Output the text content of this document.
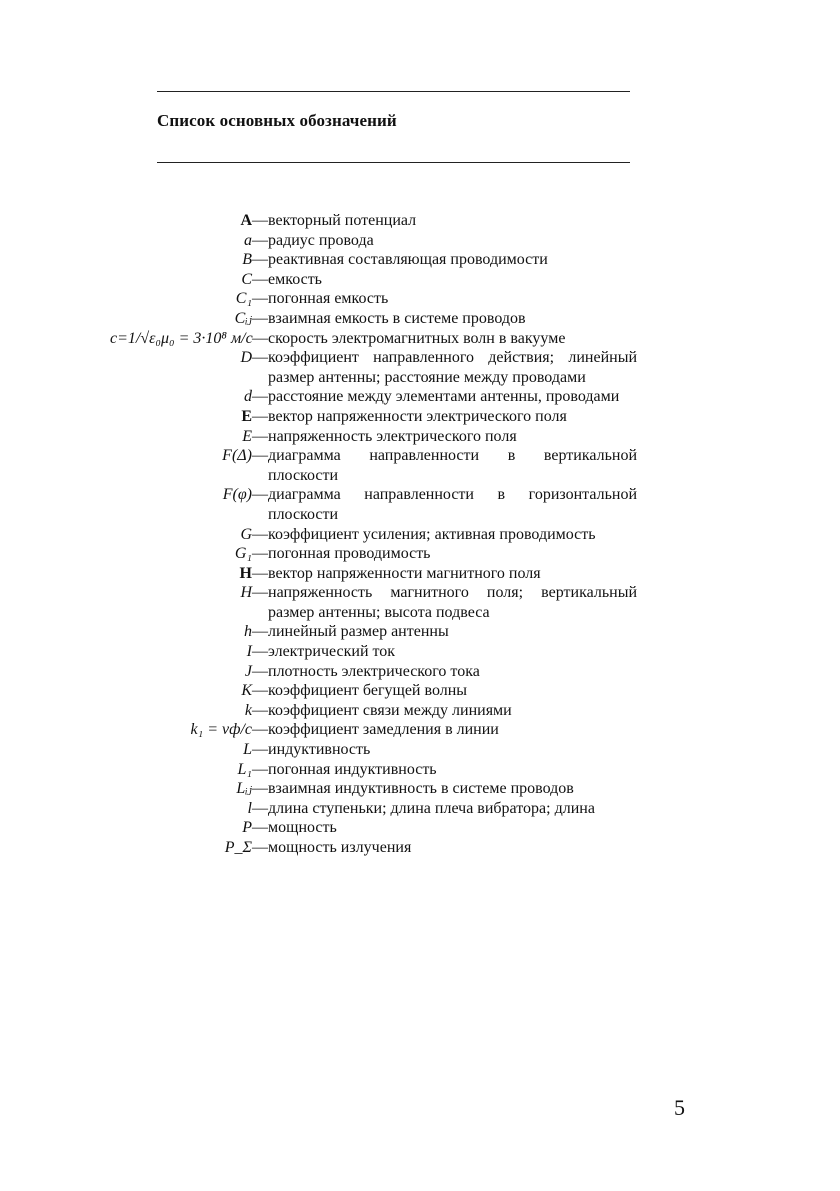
Список основных обозначений
A — векторный потенциал
a — радиус провода
B — реактивная составляющая проводимости
C — емкость
C₁ — погонная емкость
Cᵢⱼ — взаимная емкость в системе проводов
c=1/√ε₀μ₀ = 3·10⁸ м/с — скорость электромагнитных волн в вакууме
D — коэффициент направленного действия; линейный размер антенны; расстояние между проводами
d — расстояние между элементами антенны, проводами
E — вектор напряженности электрического поля
E — напряженность электрического поля
F(Δ) — диаграмма направленности в вертикальной плоскости
F(φ) — диаграмма направленности в горизонтальной плоскости
G — коэффициент усиления; активная проводимость
G₁ — погонная проводимость
H — вектор напряженности магнитного поля
H — напряженность магнитного поля; вертикальный размер антенны; высота подвеса
h — линейный размер антенны
I — электрический ток
J — плотность электрического тока
K — коэффициент бегущей волны
k — коэффициент связи между линиями
k₁ = vф/c — коэффициент замедления в линии
L — индуктивность
L₁ — погонная индуктивность
Lᵢⱼ — взаимная индуктивность в системе проводов
l — длина ступеньки; длина плеча вибратора; длина
P — мощность
P_Σ — мощность излучения
5
